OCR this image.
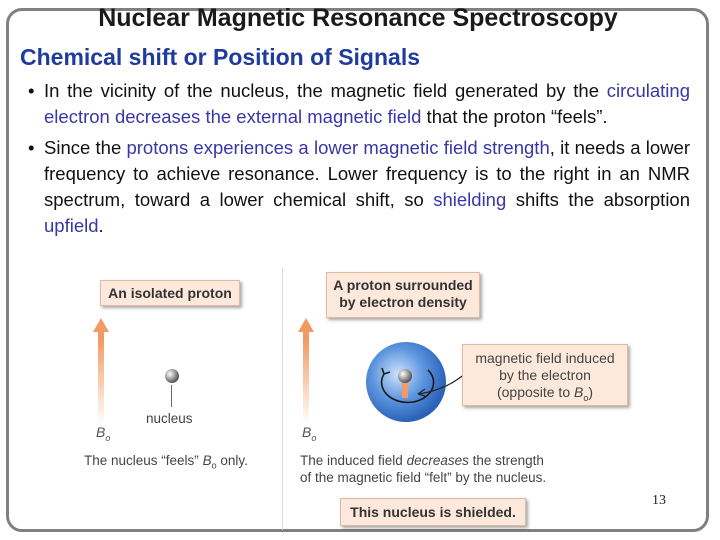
Nuclear Magnetic Resonance Spectroscopy
Chemical shift or Position of Signals
• In the vicinity of the nucleus, the magnetic field generated by the circulating electron decreases the external magnetic field that the proton “feels”.
• Since the protons experiences a lower magnetic field strength, it needs a lower frequency to achieve resonance. Lower frequency is to the right in an NMR spectrum, toward a lower chemical shift, so shielding shifts the absorption upfield.
An isolated proton
$B_o$
nucleus
The nucleus “feels” $B_o$ only.
A proton surrounded
by electron density
$B_o$
magnetic field induced
by the electron
(opposite to $B_o$)
The induced field decreases the strength
of the magnetic field “felt” by the nucleus.
This nucleus is shielded.
13
